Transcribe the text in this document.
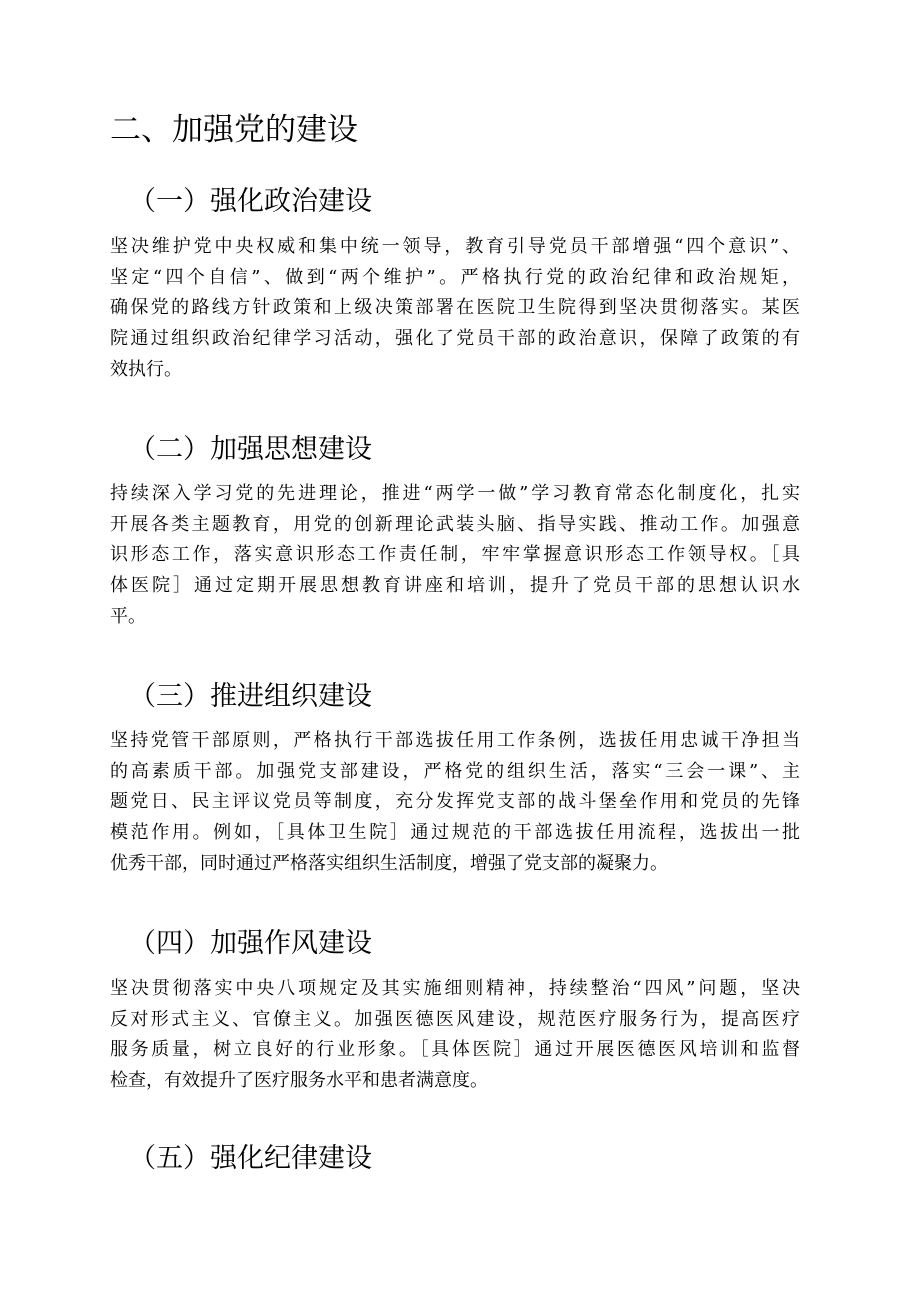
二、加强党的建设
（一）强化政治建设
坚决维护党中央权威和集中统一领导，教育引导党员干部增强“四个意识”、
坚定“四个自信”、做到“两个维护”。严格执行党的政治纪律和政治规矩，
确保党的路线方针政策和上级决策部署在医院卫生院得到坚决贯彻落实。某医
院通过组织政治纪律学习活动，强化了党员干部的政治意识，保障了政策的有
效执行。
（二）加强思想建设
持续深入学习党的先进理论，推进“两学一做”学习教育常态化制度化，扎实
开展各类主题教育，用党的创新理论武装头脑、指导实践、推动工作。加强意
识形态工作，落实意识形态工作责任制，牢牢掌握意识形态工作领导权。［具
体医院］通过定期开展思想教育讲座和培训，提升了党员干部的思想认识水
平。
（三）推进组织建设
坚持党管干部原则，严格执行干部选拔任用工作条例，选拔任用忠诚干净担当
的高素质干部。加强党支部建设，严格党的组织生活，落实“三会一课”、主
题党日、民主评议党员等制度，充分发挥党支部的战斗堡垒作用和党员的先锋
模范作用。例如，［具体卫生院］通过规范的干部选拔任用流程，选拔出一批
优秀干部，同时通过严格落实组织生活制度，增强了党支部的凝聚力。
（四）加强作风建设
坚决贯彻落实中央八项规定及其实施细则精神，持续整治“四风”问题，坚决
反对形式主义、官僚主义。加强医德医风建设，规范医疗服务行为，提高医疗
服务质量，树立良好的行业形象。［具体医院］通过开展医德医风培训和监督
检查，有效提升了医疗服务水平和患者满意度。
（五）强化纪律建设
